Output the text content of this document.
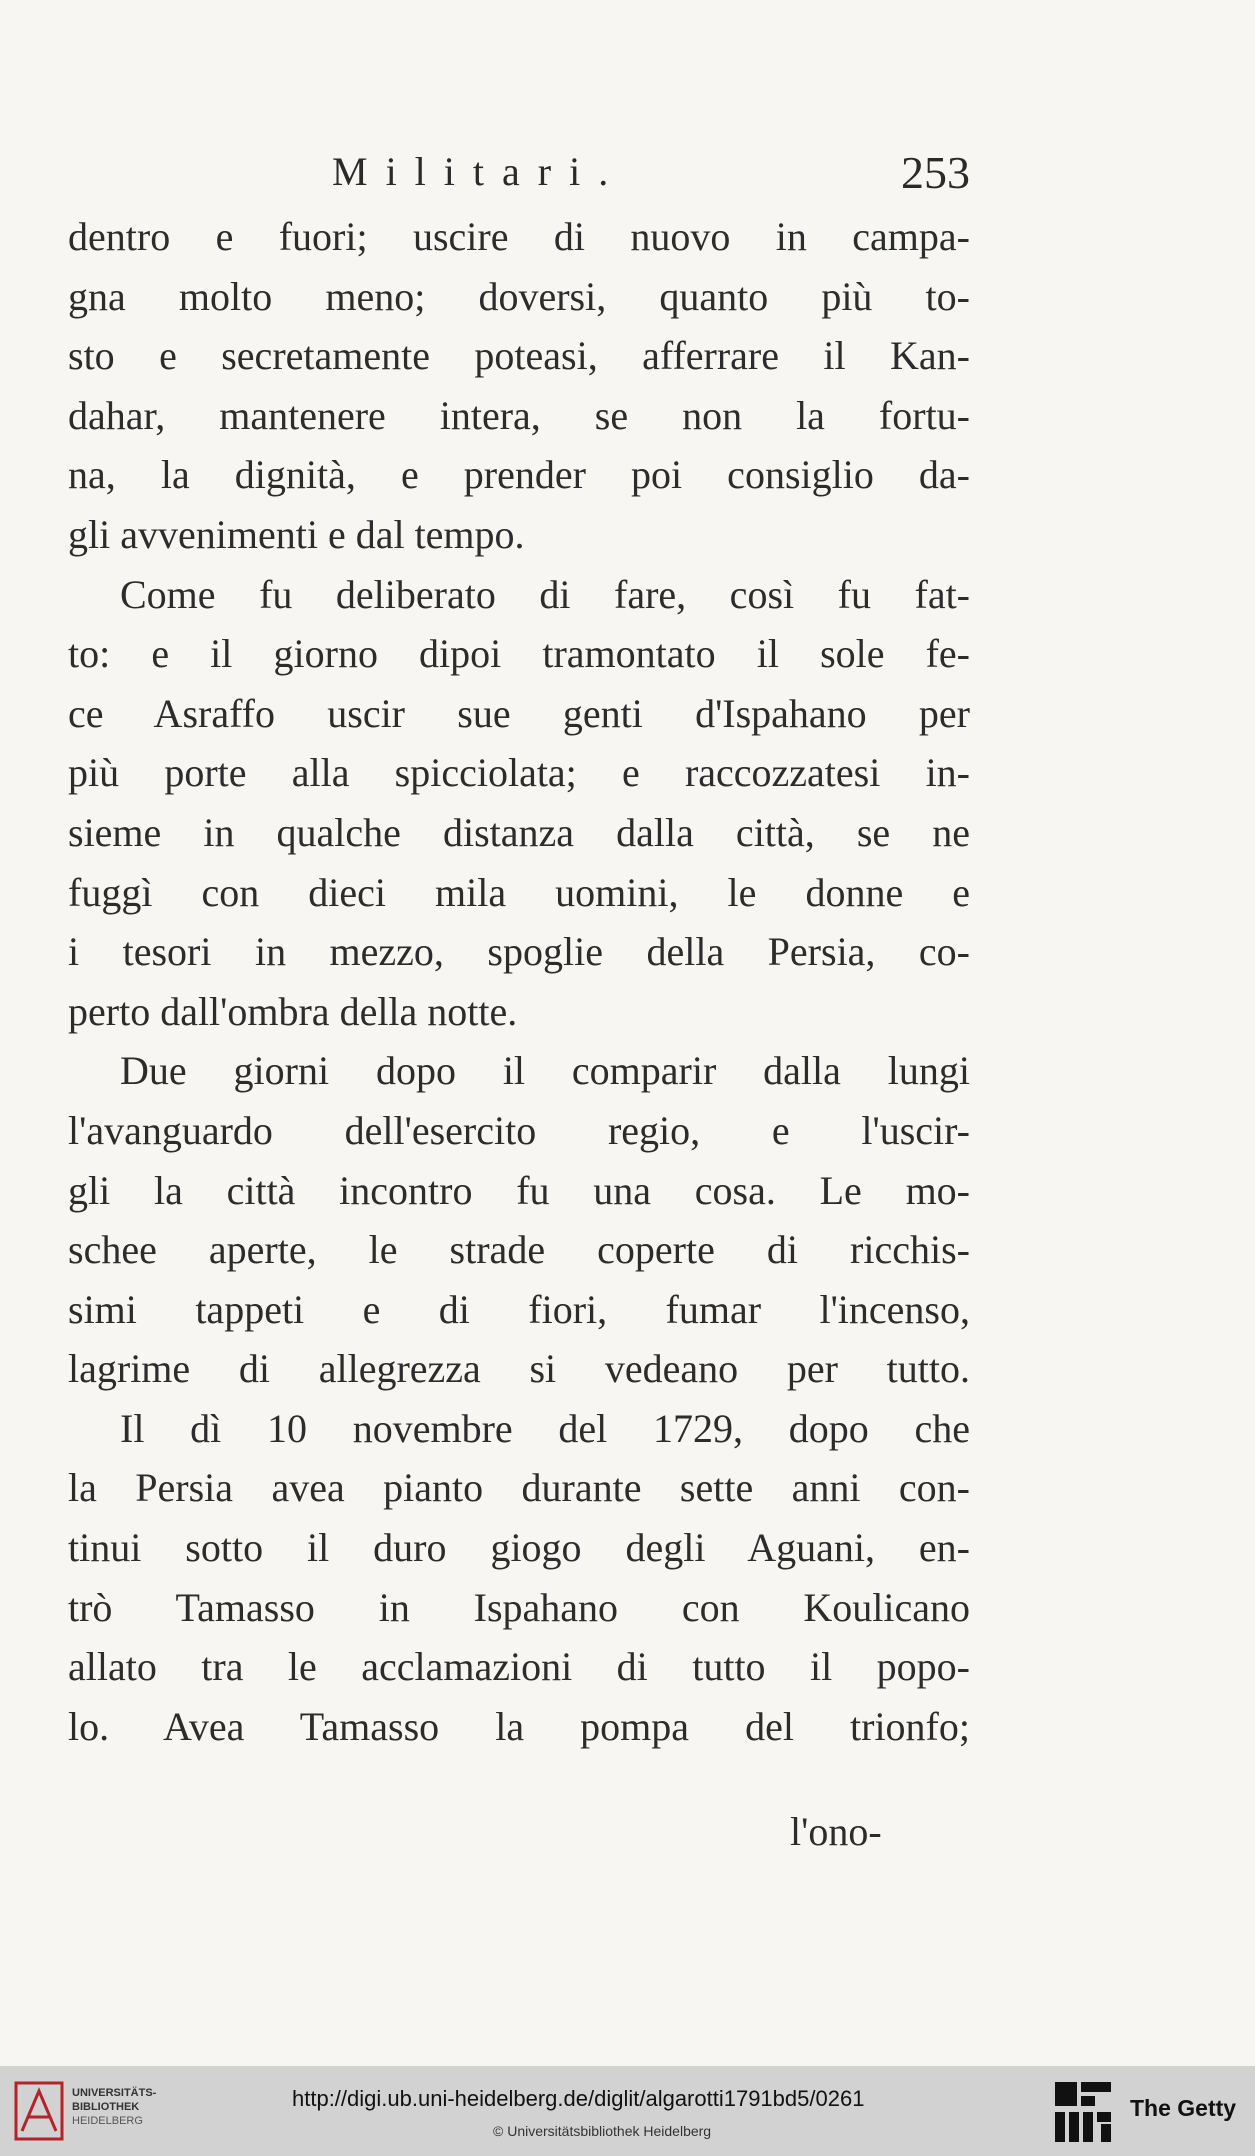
Militari.	253
dentro e fuori; uscire di nuovo in campa-
gna molto meno; doversi, quanto più to-
sto e secretamente poteasi, afferrare il Kan-
dahar, mantenere intera, se non la fortu-
na, la dignità, e prender poi consiglio da-
gli avvenimenti e dal tempo.
Come fu deliberato di fare, così fu fat-
to: e il giorno dipoi tramontato il sole fe-
ce Asraffo uscir sue genti d'Ispahano per
più porte alla spicciolata; e raccozzatesi in-
sieme in qualche distanza dalla città, se ne
fuggì con dieci mila uomini, le donne e
i tesori in mezzo, spoglie della Persia, co-
perto dall'ombra della notte.
Due giorni dopo il comparir dalla lungi
l'avanguardo dell'esercito regio, e l'uscir-
gli la città incontro fu una cosa. Le mo-
schee aperte, le strade coperte di ricchis-
simi tappeti e di fiori, fumar l'incenso,
lagrime di allegrezza si vedeano per tutto.
Il dì 10 novembre del 1729, dopo che
la Persia avea pianto durante sette anni con-
tinui sotto il duro giogo degli Aguani, en-
trò Tamasso in Ispahano con Koulicano
allato tra le acclamazioni di tutto il popo-
lo. Avea Tamasso la pompa del trionfo;
l'ono-
UNIVERSITÄTS-
BIBLIOTHEK
HEIDELBERG
http://digi.ub.uni-heidelberg.de/diglit/algarotti1791bd5/0261
© Universitätsbibliothek Heidelberg
The Getty
